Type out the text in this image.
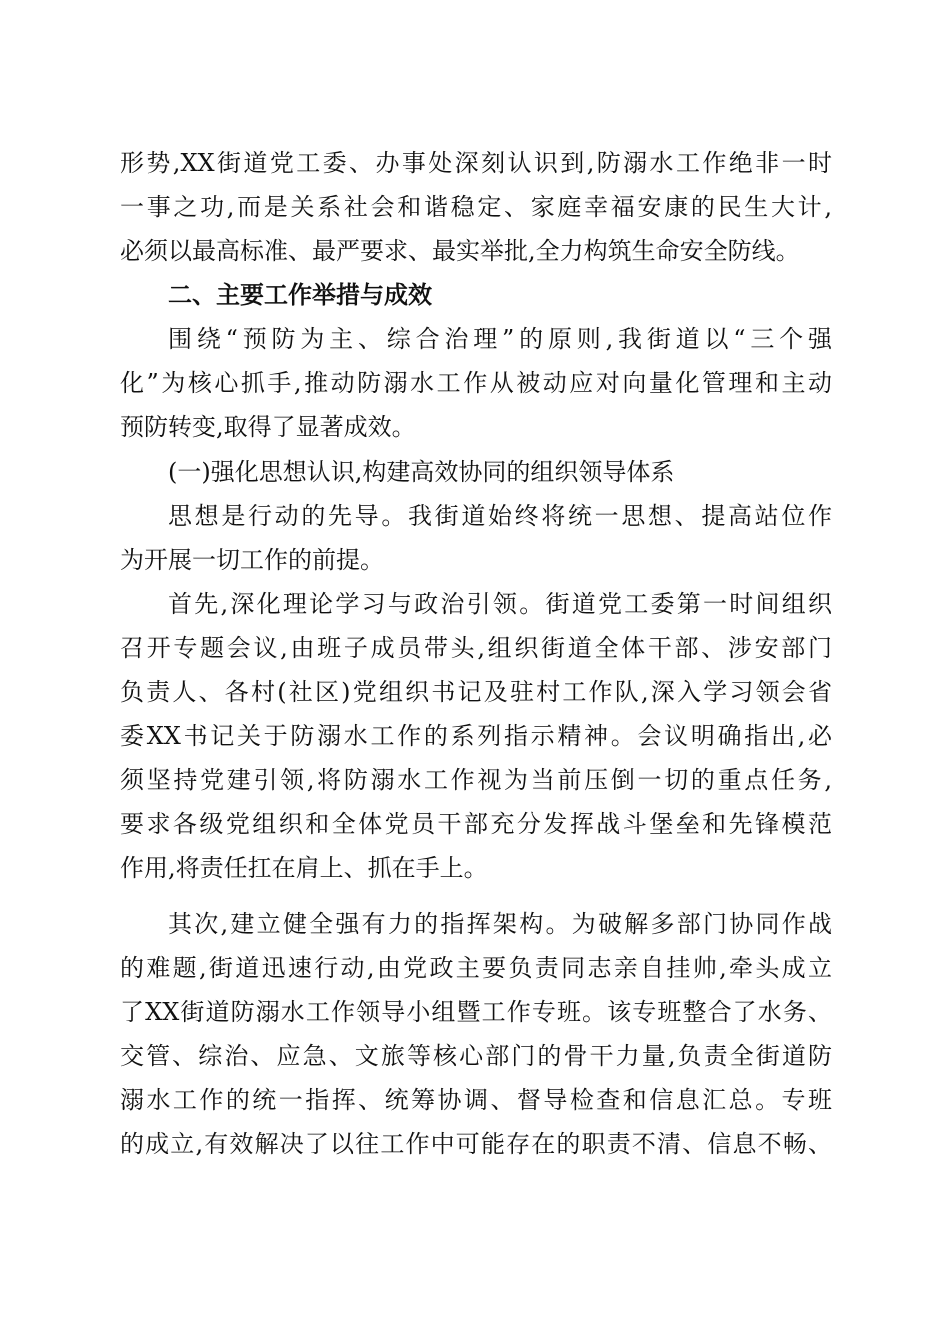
形势,XX街道党工委、办事处深刻认识到,防溺水工作绝非一时
一事之功,而是关系社会和谐稳定、家庭幸福安康的民生大计,
必须以最高标准、最严要求、最实举批,全力构筑生命安全防线。
二、主要工作举措与成效
围绕“预防为主、综合治理”的原则,我街道以“三个强
化”为核心抓手,推动防溺水工作从被动应对向量化管理和主动
预防转变,取得了显著成效。
(一)强化思想认识,构建高效协同的组织领导体系
思想是行动的先导。我街道始终将统一思想、提高站位作
为开展一切工作的前提。
首先,深化理论学习与政治引领。街道党工委第一时间组织
召开专题会议,由班子成员带头,组织街道全体干部、涉安部门
负责人、各村(社区)党组织书记及驻村工作队,深入学习领会省
委XX书记关于防溺水工作的系列指示精神。会议明确指出,必
须坚持党建引领,将防溺水工作视为当前压倒一切的重点任务,
要求各级党组织和全体党员干部充分发挥战斗堡垒和先锋模范
作用,将责任扛在肩上、抓在手上。
其次,建立健全强有力的指挥架构。为破解多部门协同作战
的难题,街道迅速行动,由党政主要负责同志亲自挂帅,牵头成立
了XX街道防溺水工作领导小组暨工作专班。该专班整合了水务、
交管、综治、应急、文旅等核心部门的骨干力量,负责全街道防
溺水工作的统一指挥、统筹协调、督导检查和信息汇总。专班
的成立,有效解决了以往工作中可能存在的职责不清、信息不畅、
